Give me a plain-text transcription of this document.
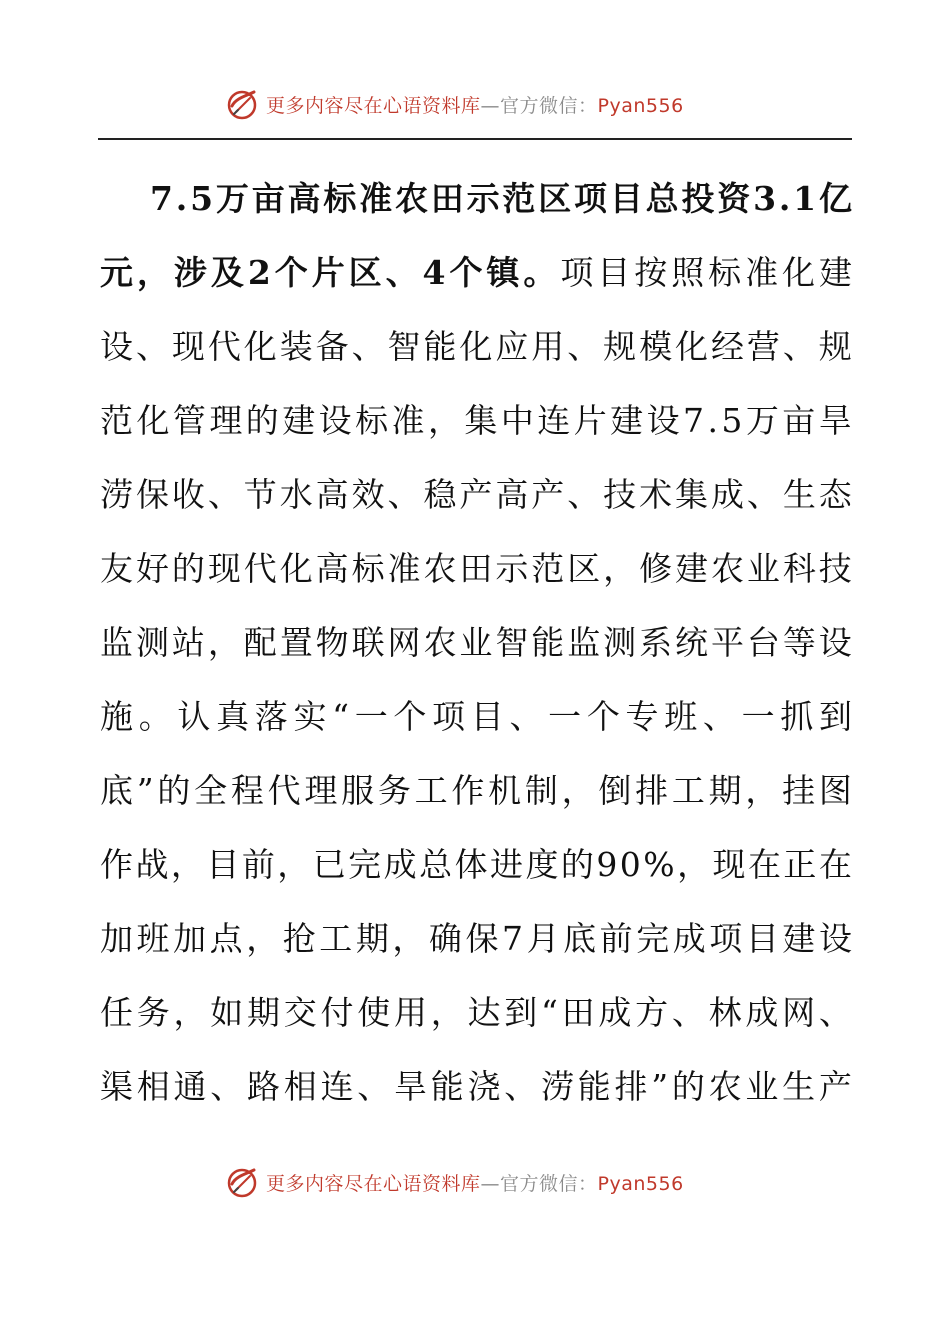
更多内容尽在心语资料库—官方微信：Pyan556
7 . 5 万 亩 高 标 准 农 田 示 范 区 项 目 总 投 资 3 . 1 亿
元 ， 涉 及 2 个 片 区 、 4 个 镇 。 项 目 按 照 标 准 化 建
设 、 现 代 化 装 备 、 智 能 化 应 用 、 规 模 化 经 营 、 规
范 化 管 理 的 建 设 标 准 ， 集 中 连 片 建 设 7 . 5 万 亩 旱
涝 保 收 、 节 水 高 效 、 稳 产 高 产 、 技 术 集 成 、 生 态
友 好 的 现 代 化 高 标 准 农 田 示 范 区 ， 修 建 农 业 科 技
监 测 站 ， 配 置 物 联 网 农 业 智 能 监 测 系 统 平 台 等 设
施 。 认 真 落 实 “ 一 个 项 目 、 一 个 专 班 、 一 抓 到
底 ” 的 全 程 代 理 服 务 工 作 机 制 ， 倒 排 工 期 ， 挂 图
作 战 ， 目 前 ， 已 完 成 总 体 进 度 的 9 0 % ， 现 在 正 在
加 班 加 点 ， 抢 工 期 ， 确 保 7 月 底 前 完 成 项 目 建 设
任 务 ， 如 期 交 付 使 用 ， 达 到 “ 田 成 方 、 林 成 网 、
渠 相 通 、 路 相 连 、 旱 能 浇 、 涝 能 排 ” 的 农 业 生 产
更多内容尽在心语资料库—官方微信：Pyan556
